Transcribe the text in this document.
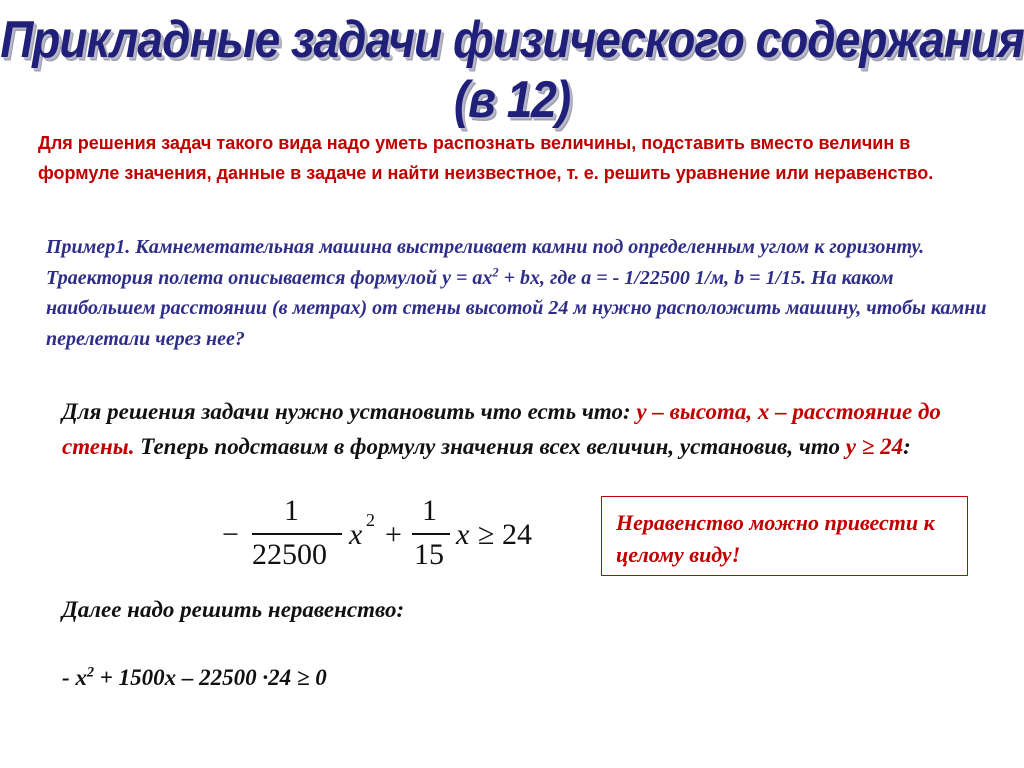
Прикладные задачи физического содержания
(в 12)
Для решения задач такого вида надо уметь распознать величины, подставить вместо величин в формуле значения, данные в задаче и найти неизвестное, т. е. решить уравнение или неравенство.
Пример1. Камнеметательная машина выстреливает камни под определенным углом к горизонту. Траектория полета описывается формулой $y = ax^2$ + bx, где a = - 1/22500 1/м, b = 1/15. На каком наибольшем расстоянии (в метрах) от стены высотой 24 м нужно расположить машину, чтобы камни перелетали через нее?
Для решения задачи нужно установить что есть что: y – высота, x – расстояние до стены. Теперь подставим в формулу значения всех величин, установив, что y ≥ 24:
−
1
22500
x 2 +
1
15
x ≥ 24	Неравенство можно привести к целому виду!
Далее надо решить неравенство:
- $x^2 + 1500x - 22500 \cdot 24 \ge 0$
